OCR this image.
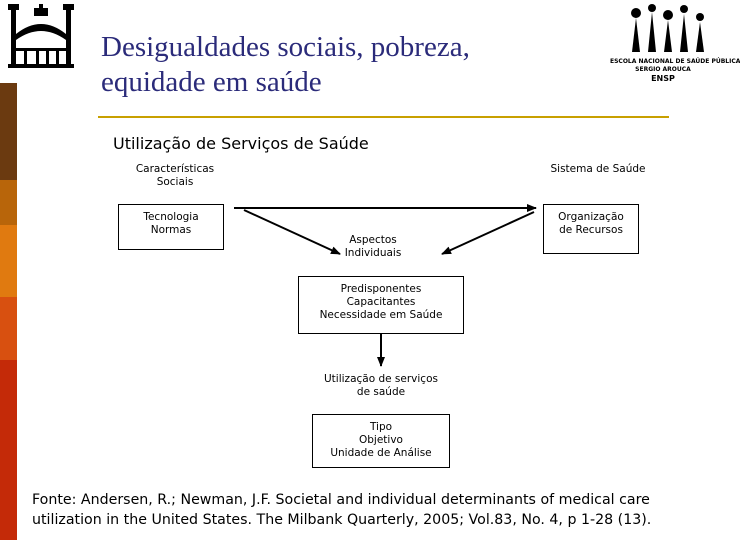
ESCOLA NACIONAL DE SAÚDE PÚBLICA
SERGIO AROUCA
ENSP
Desigualdades sociais, pobreza,
equidade em saúde
Utilização de Serviços de Saúde
Características
Sociais
Sistema de Saúde
Tecnologia
Normas
Organização
de Recursos
Aspectos
Individuais
Predisponentes
Capacitantes
Necessidade em Saúde
Utilização de serviços
de saúde
Tipo
Objetivo
Unidade de Análise
Fonte: Andersen, R.; Newman, J.F. Societal and individual determinants of medical care
utilization in the United States. The Milbank Quarterly, 2005; Vol.83, No. 4, p 1-28 (13).
